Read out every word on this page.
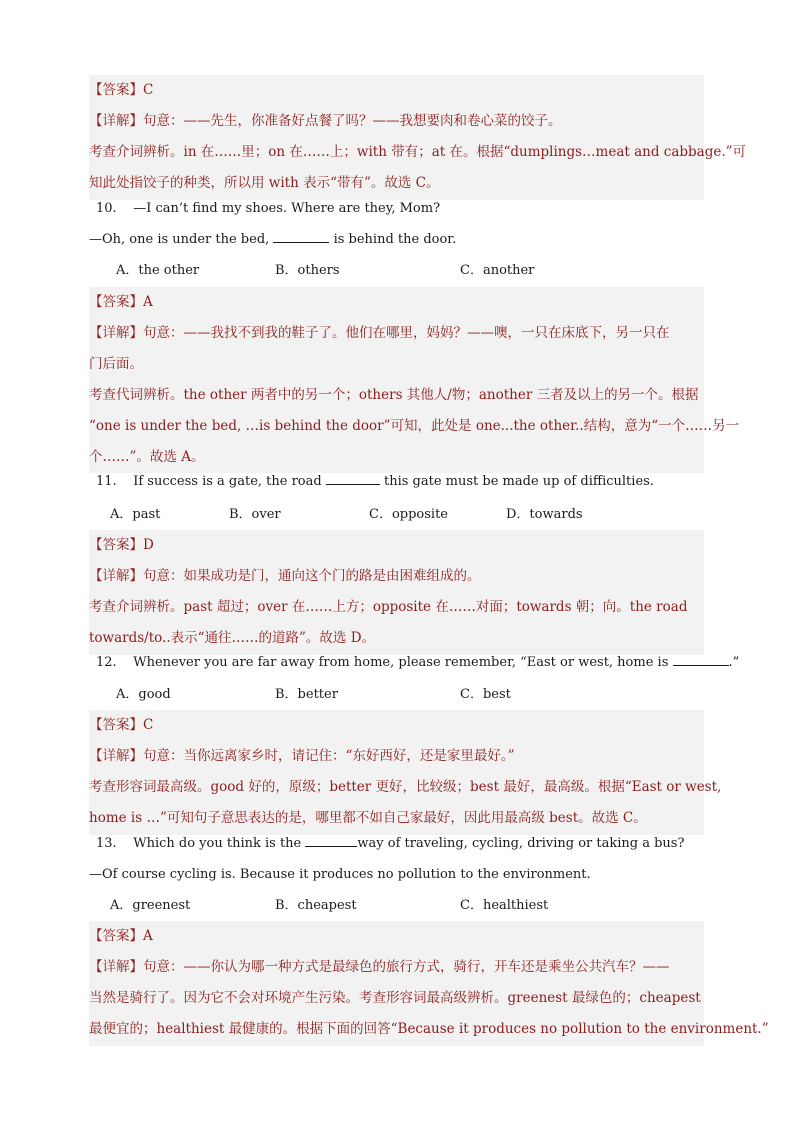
【答案】C
【详解】句意：——先生，你准备好点餐了吗？——我想要肉和卷心菜的饺子。
考查介词辨析。in 在……里；on 在……上；with 带有；at 在。根据“dumplings…meat and cabbage.”可
知此处指饺子的种类，所以用 with 表示“带有”。故选 C。
10. —I can’t find my shoes. Where are they, Mom?
—Oh, one is under the bed,	is behind the door.
A．the other	B．others	C．another
【答案】A
【详解】句意：——我找不到我的鞋子了。他们在哪里，妈妈？——噢，一只在床底下，另一只在
门后面。
考查代词辨析。the other 两者中的另一个；others 其他人/物；another 三者及以上的另一个。根据
“one is under the bed, …is behind the door”可知，此处是 one...the other..结构，意为“一个……另一
个……”。故选 A。
11. If success is a gate, the road	this gate must be made up of difficulties.
A．past	B．over	C．opposite	D．towards
【答案】D
【详解】句意：如果成功是门，通向这个门的路是由困难组成的。
考查介词辨析。past 超过；over 在……上方；opposite 在……对面；towards 朝；向。the road
towards/to..表示“通往……的道路”。故选 D。
12. Whenever you are far away from home, please remember, “East or west, home is	.”
A．good	B．better	C．best
【答案】C
【详解】句意：当你远离家乡时，请记住：“东好西好，还是家里最好。”
考查形容词最高级。good 好的，原级；better 更好，比较级；best 最好，最高级。根据“East or west,
home is …”可知句子意思表达的是，哪里都不如自己家最好，因此用最高级 best。故选 C。
13. Which do you think is the	way of traveling, cycling, driving or taking a bus?
—Of course cycling is. Because it produces no pollution to the environment.
A．greenest	B．cheapest	C．healthiest
【答案】A
【详解】句意：——你认为哪一种方式是最绿色的旅行方式，骑行，开车还是乘坐公共汽车？——
当然是骑行了。因为它不会对环境产生污染。考查形容词最高级辨析。greenest 最绿色的；cheapest
最便宜的；healthiest 最健康的。根据下面的回答“Because it produces no pollution to the environment.”
